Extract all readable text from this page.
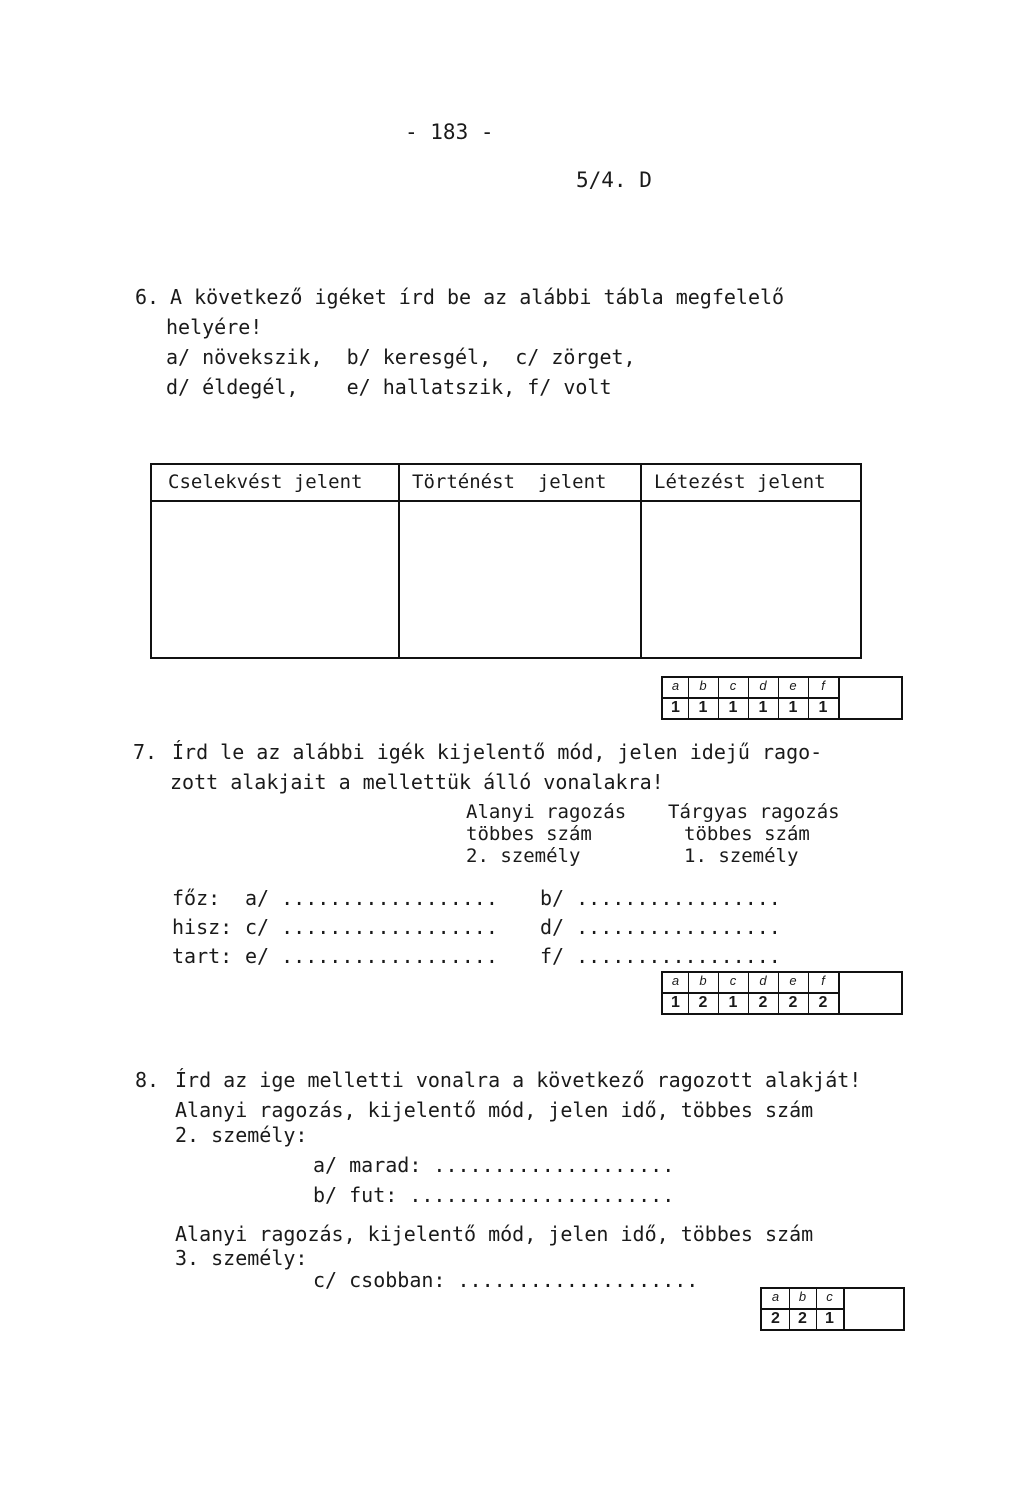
- 183 -
5/4. D
6. A következő igéket írd be az alábbi tábla megfelelő
helyére!
a/ növekszik,  b/ keresgél,  c/ zörget,
d/ éldegél,    e/ hallatszik, f/ volt
Cselekvést jelent	Történést  jelent	Létezést jelent
a	b	c	d	e	f
1	1	1	1	1	1
7. Írd le az alábbi igék kijelentő mód, jelen idejű rago-
zott alakjait a mellettük álló vonalakra!
Alanyi ragozás
többes szám
2. személy
Tárgyas ragozás
többes szám
1. személy
főz: a/ .................. b/ .................
hisz: c/ .................. d/ .................
tart: e/ .................. f/ .................
a	b	c	d	e	f
1	2	1	2	2	2
8. Írd az ige melletti vonalra a következő ragozott alakját!
Alanyi ragozás, kijelentő mód, jelen idő, többes szám
2. személy:
a/ marad: ....................
b/ fut: ......................
Alanyi ragozás, kijelentő mód, jelen idő, többes szám
3. személy:
c/ csobban: ....................
a	b	c
2	2	1
